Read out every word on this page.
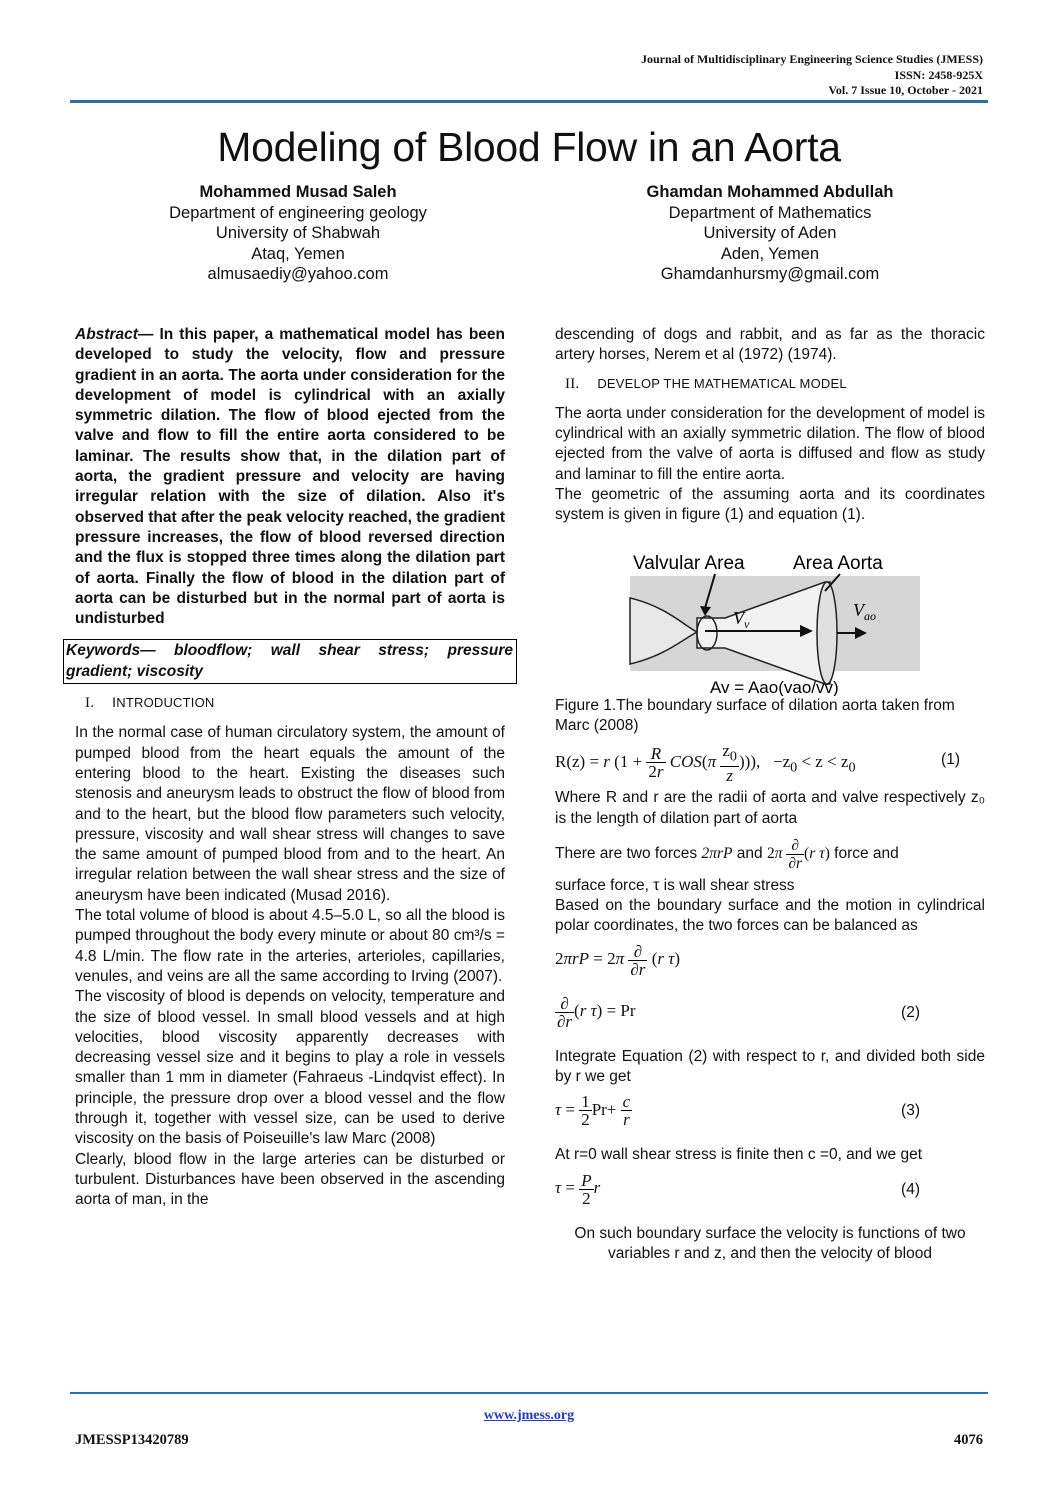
Journal of Multidisciplinary Engineering Science Studies (JMESS)
ISSN: 2458-925X
Vol. 7 Issue 10, October - 2021
Modeling of Blood Flow in an Aorta
Mohammed Musad Saleh
Department of engineering geology
University of Shabwah
Ataq, Yemen
almusaediy@yahoo.com
Ghamdan Mohammed Abdullah
Department of Mathematics
University of Aden
Aden, Yemen
Ghamdanhursmy@gmail.com

Abstract— In this paper, a mathematical model has been developed to study the velocity, flow and pressure gradient in an aorta. The aorta under consideration for the development of model is cylindrical with an axially symmetric dilation. The flow of blood ejected from the valve and flow to fill the entire aorta considered to be laminar. The results show that, in the dilation part of aorta, the gradient pressure and velocity are having irregular relation with the size of dilation. Also it's observed that after the peak velocity reached, the gradient pressure increases, the flow of blood reversed direction and the flux is stopped three times along the dilation part of aorta. Finally the flow of blood in the dilation part of aorta can be disturbed but in the normal part of aorta is undisturbed

Keywords— bloodflow; wall shear stress; pressure gradient; viscosity
I. INTRODUCTION

In the normal case of human circulatory system, the amount of pumped blood from the heart equals the amount of the entering blood to the heart. Existing the diseases such stenosis and aneurysm leads to obstruct the flow of blood from and to the heart, but the blood flow parameters such velocity, pressure, viscosity and wall shear stress will changes to save the same amount of pumped blood from and to the heart. An irregular relation between the wall shear stress and the size of aneurysm have been indicated (Musad 2016).

The total volume of blood is about 4.5–5.0 L, so all the blood is pumped throughout the body every minute or about 80 cm³/s = 4.8 L/min. The flow rate in the arteries, arterioles, capillaries, venules, and veins are all the same according to Irving (2007).

The viscosity of blood is depends on velocity, temperature and the size of blood vessel. In small blood vessels and at high velocities, blood viscosity apparently decreases with decreasing vessel size and it begins to play a role in vessels smaller than 1 mm in diameter (Fahraeus -Lindqvist effect). In principle, the pressure drop over a blood vessel and the flow through it, together with vessel size, can be used to derive viscosity on the basis of Poiseuille's law Marc (2008)

Clearly, blood flow in the large arteries can be disturbed or turbulent. Disturbances have been observed in the ascending aorta of man, in the

descending of dogs and rabbit, and as far as the thoracic artery horses, Nerem et al (1972) (1974).

II. DEVELOP THE MATHEMATICAL MODEL

The aorta under consideration for the development of model is cylindrical with an axially symmetric dilation. The flow of blood ejected from the valve of aorta is diffused and flow as study and laminar to fill the entire aorta.

The geometric of the assuming aorta and its coordinates system is given in figure (1) and equation (1).

Valvular Area	Area Aorta
$V_v$
$V_{ao}$
Av = Aao(vao/vv)

Figure 1.The boundary surface of dilation aorta taken from Marc (2008)

R(z) = r ($1 + \frac{R}{2r} COS(\pi \frac{z_0}{z}$ ))),   $-z_0 < z < z_0$	(1)

Where R and r are the radii of aorta and valve respectively z₀ is the length of dilation part of aorta

There are two forces 2πrP and $2\pi \frac{\partial}{\partial r} (r$ τ) force and

surface force, τ is wall shear stress

Based on the boundary surface and the motion in cylindrical polar coordinates, the two forces can be balanced as

$2\pi rP = 2\pi \frac{\partial}{\partial r} (r$ τ)
$\frac{\partial}{\partial r} (r$ τ) = Pr	(2)

Integrate Equation (2) with respect to r, and divided both side by r we get

$\tau = \frac{1}{2} Pr+ \frac{c}{r}$	(3)

At r=0 wall shear stress is finite then c =0, and we get

$\tau = \frac{P}{2}$ r	(4)

On such boundary surface the velocity is functions of two variables r and z, and then the velocity of blood

www.jmess.org
JMESSP13420789	4076
